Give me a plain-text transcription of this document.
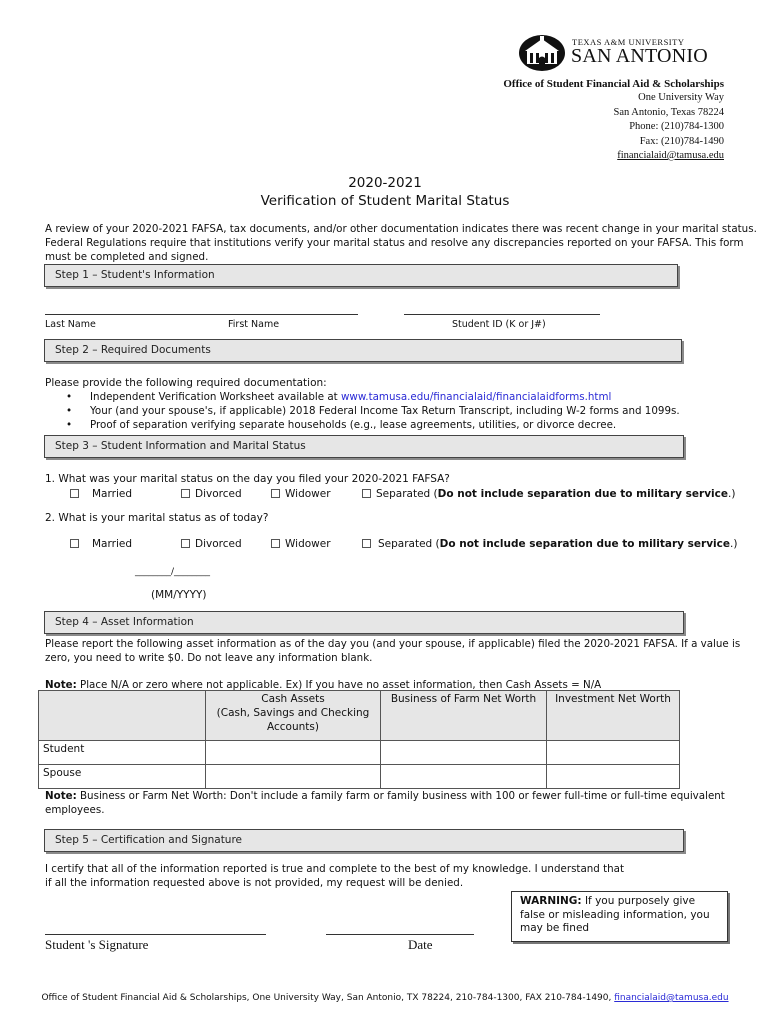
TEXAS A&M UNIVERSITY
SAN ANTONIO
Office of Student Financial Aid & Scholarships
One University Way
San Antonio, Texas 78224
Phone: (210)784-1300
Fax: (210)784-1490
financialaid@tamusa.edu
2020-2021
Verification of Student Marital Status
A review of your 2020-2021 FAFSA, tax documents, and/or other documentation indicates there was recent change in your marital status.
Federal Regulations require that institutions verify your marital status and resolve any discrepancies reported on your FAFSA. This form
must be completed and signed.
Step 1 – Student's Information
Last Name	First Name	Student ID (K or J#)
Step 2 – Required Documents
Please provide the following required documentation:
• Independent Verification Worksheet available at www.tamusa.edu/financialaid/financialaidforms.html
• Your (and your spouse's, if applicable) 2018 Federal Income Tax Return Transcript, including W-2 forms and 1099s.
• Proof of separation verifying separate households (e.g., lease agreements, utilities, or divorce decree.
Step 3 – Student Information and Marital Status
1. What was your marital status on the day you filed your 2020-2021 FAFSA?
Married	Divorced	Widower	Separated (Do not include separation due to military service.)
2. What is your marital status as of today?
Married	Divorced	Widower	Separated (Do not include separation due to military service.)
________/________
(MM/YYYY)
Step 4 – Asset Information
Please report the following asset information as of the day you (and your spouse, if applicable) filed the 2020-2021 FAFSA. If a value is
zero, you need to write $0. Do not leave any information blank.
Note: Place N/A or zero where not applicable. Ex) If you have no asset information, then Cash Assets = N/A

	Cash Assets
(Cash, Savings and Checking
Accounts)	Business of Farm Net Worth	Investment Net Worth

Student			
Spouse			
Note: Business or Farm Net Worth: Don't include a family farm or family business with 100 or fewer full-time or full-time equivalent
employees.
Step 5 – Certification and Signature
I certify that all of the information reported is true and complete to the best of my knowledge. I understand that
if all the information requested above is not provided, my request will be denied.
Student 's Signature	Date
WARNING: If you purposely give false or misleading information, you may be fined
Office of Student Financial Aid & Scholarships, One University Way, San Antonio, TX 78224, 210-784-1300, FAX 210-784-1490, financialaid@tamusa.edu
